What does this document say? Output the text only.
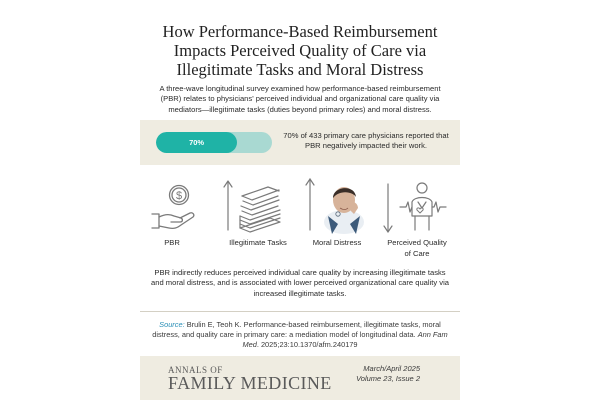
How Performance-Based Reimbursement Impacts Perceived Quality of Care via Illegitimate Tasks and Moral Distress
A three-wave longitudinal survey examined how performance-based reimbursement (PBR) relates to physicians' perceived individual and organizational care quality via mediators—illegitimate tasks (duties beyond primary roles) and moral distress.
70%
70% of 433 primary care physicians reported that PBR negatively impacted their work.
$
PBR	Illegitimate Tasks	Moral Distress	Perceived Quality of Care
PBR indirectly reduces perceived individual care quality by increasing illegitimate tasks and moral distress, and is associated with lower perceived organizational care quality via increased illegitimate tasks.
Source: Brulin E, Teoh K. Performance-based reimbursement, illegitimate tasks, moral distress, and quality care in primary care: a mediation model of longitudinal data. Ann Fam Med. 2025;23:10.1370/afm.240179
ANNALS OF
FAMILY MEDICINE
March/April 2025
Volume 23, Issue 2
